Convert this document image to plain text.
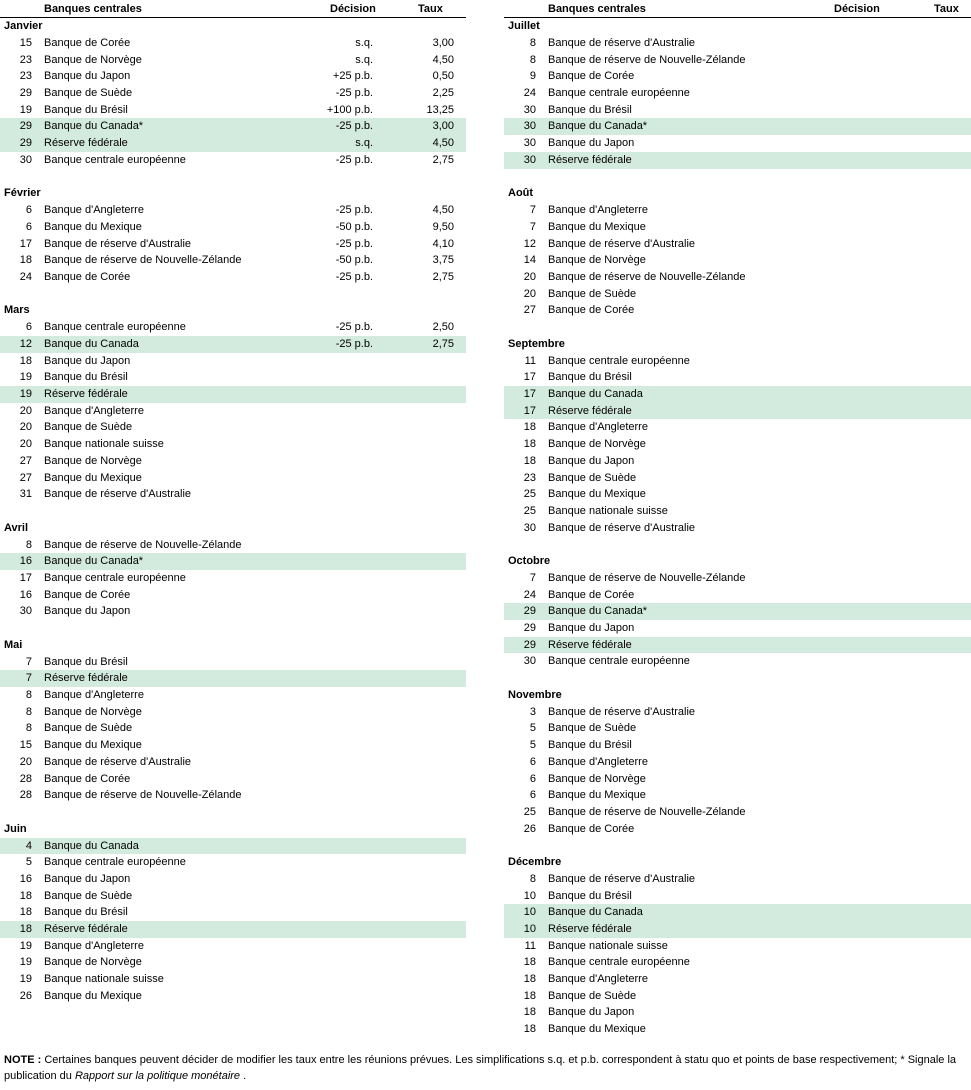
Banques centrales	Décision	Taux
Janvier
15 Banque de Corée	s.q.	3,00
23 Banque de Norvège	s.q.	4,50
23 Banque du Japon	+25 p.b.	0,50
29 Banque de Suède	-25 p.b.	2,25
19 Banque du Brésil	+100 p.b.	13,25
29 Banque du Canada*	-25 p.b.	3,00
29 Réserve fédérale	s.q.	4,50
30 Banque centrale européenne	-25 p.b.	2,75
Février
6 Banque d'Angleterre	-25 p.b.	4,50
6 Banque du Mexique	-50 p.b.	9,50
17 Banque de réserve d'Australie	-25 p.b.	4,10
18 Banque de réserve de Nouvelle-Zélande	-50 p.b.	3,75
24 Banque de Corée	-25 p.b.	2,75
Mars
6 Banque centrale européenne	-25 p.b.	2,50
12 Banque du Canada	-25 p.b.	2,75
18 Banque du Japon
19 Banque du Brésil
19 Réserve fédérale
20 Banque d'Angleterre
20 Banque de Suède
20 Banque nationale suisse
27 Banque de Norvège
27 Banque du Mexique
31 Banque de réserve d'Australie
Avril
8 Banque de réserve de Nouvelle-Zélande
16 Banque du Canada*
17 Banque centrale européenne
16 Banque de Corée
30 Banque du Japon
Mai
7 Banque du Brésil
7 Réserve fédérale
8 Banque d'Angleterre
8 Banque de Norvège
8 Banque de Suède
15 Banque du Mexique
20 Banque de réserve d'Australie
28 Banque de Corée
28 Banque de réserve de Nouvelle-Zélande
Juin
4 Banque du Canada
5 Banque centrale européenne
16 Banque du Japon
18 Banque de Suède
18 Banque du Brésil
18 Réserve fédérale
19 Banque d'Angleterre
19 Banque de Norvège
19 Banque nationale suisse
26 Banque du Mexique
Banques centrales	Décision	Taux
Juillet
8 Banque de réserve d'Australie
8 Banque de réserve de Nouvelle-Zélande
9 Banque de Corée
24 Banque centrale européenne
30 Banque du Brésil
30 Banque du Canada*
30 Banque du Japon
30 Réserve fédérale
Août
7 Banque d'Angleterre
7 Banque du Mexique
12 Banque de réserve d'Australie
14 Banque de Norvège
20 Banque de réserve de Nouvelle-Zélande
20 Banque de Suède
27 Banque de Corée
Septembre
11 Banque centrale européenne
17 Banque du Brésil
17 Banque du Canada
17 Réserve fédérale
18 Banque d'Angleterre
18 Banque de Norvège
18 Banque du Japon
23 Banque de Suède
25 Banque du Mexique
25 Banque nationale suisse
30 Banque de réserve d'Australie
Octobre
7 Banque de réserve de Nouvelle-Zélande
24 Banque de Corée
29 Banque du Canada*
29 Banque du Japon
29 Réserve fédérale
30 Banque centrale européenne
Novembre
3 Banque de réserve d'Australie
5 Banque de Suède
5 Banque du Brésil
6 Banque d'Angleterre
6 Banque de Norvège
6 Banque du Mexique
25 Banque de réserve de Nouvelle-Zélande
26 Banque de Corée
Décembre
8 Banque de réserve d'Australie
10 Banque du Brésil
10 Banque du Canada
10 Réserve fédérale
11 Banque nationale suisse
18 Banque centrale européenne
18 Banque d'Angleterre
18 Banque de Suède
18 Banque du Japon
18 Banque du Mexique
NOTE : Certaines banques peuvent décider de modifier les taux entre les réunions prévues. Les simplifications s.q. et p.b. correspondent à statu quo et points de base respectivement; * Signale la publication du Rapport sur la politique monétaire .
